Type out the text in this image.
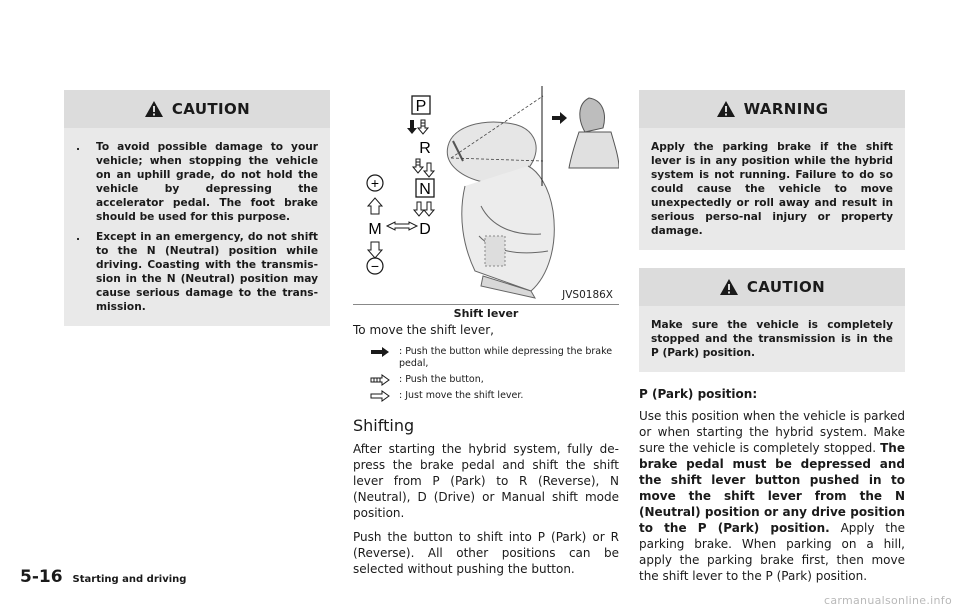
CAUTION
.	To avoid possible damage to your vehicle; when stopping the vehicle on an uphill grade, do not hold the vehicle by depressing the accelerator pedal. The foot brake should be used for this purpose.
.	Except in an emergency, do not shift to the N (Neutral) position while driving. Coasting with the transmis-sion in the N (Neutral) position may cause serious damage to the trans-mission.
P
R
N
D
M
+
−
JVS0186X
Shift lever
To move the shift lever,
: Push the button while depressing the brake pedal,
: Push the button,
: Just move the shift lever.
Shifting
After starting the hybrid system, fully de-press the brake pedal and shift the shift lever from P (Park) to R (Reverse), N (Neutral), D (Drive) or Manual shift mode position.
Push the button to shift into P (Park) or R (Reverse). All other positions can be selected without pushing the button.
WARNING
Apply the parking brake if the shift lever is in any position while the hybrid system is not running. Failure to do so could cause the vehicle to move unexpectedly or roll away and result in serious perso-nal injury or property damage.
CAUTION
Make sure the vehicle is completely stopped and the transmission is in the P (Park) position.
P (Park) position:
Use this position when the vehicle is parked or when starting the hybrid system. Make sure the vehicle is completely stopped. The brake pedal must be depressed and the shift lever button pushed in to move the shift lever from the N (Neutral) position or any drive position to the P (Park) position. Apply the parking brake. When parking on a hill, apply the parking brake first, then move the shift lever to the P (Park) position.
5-16 Starting and driving
carmanualsonline.info
